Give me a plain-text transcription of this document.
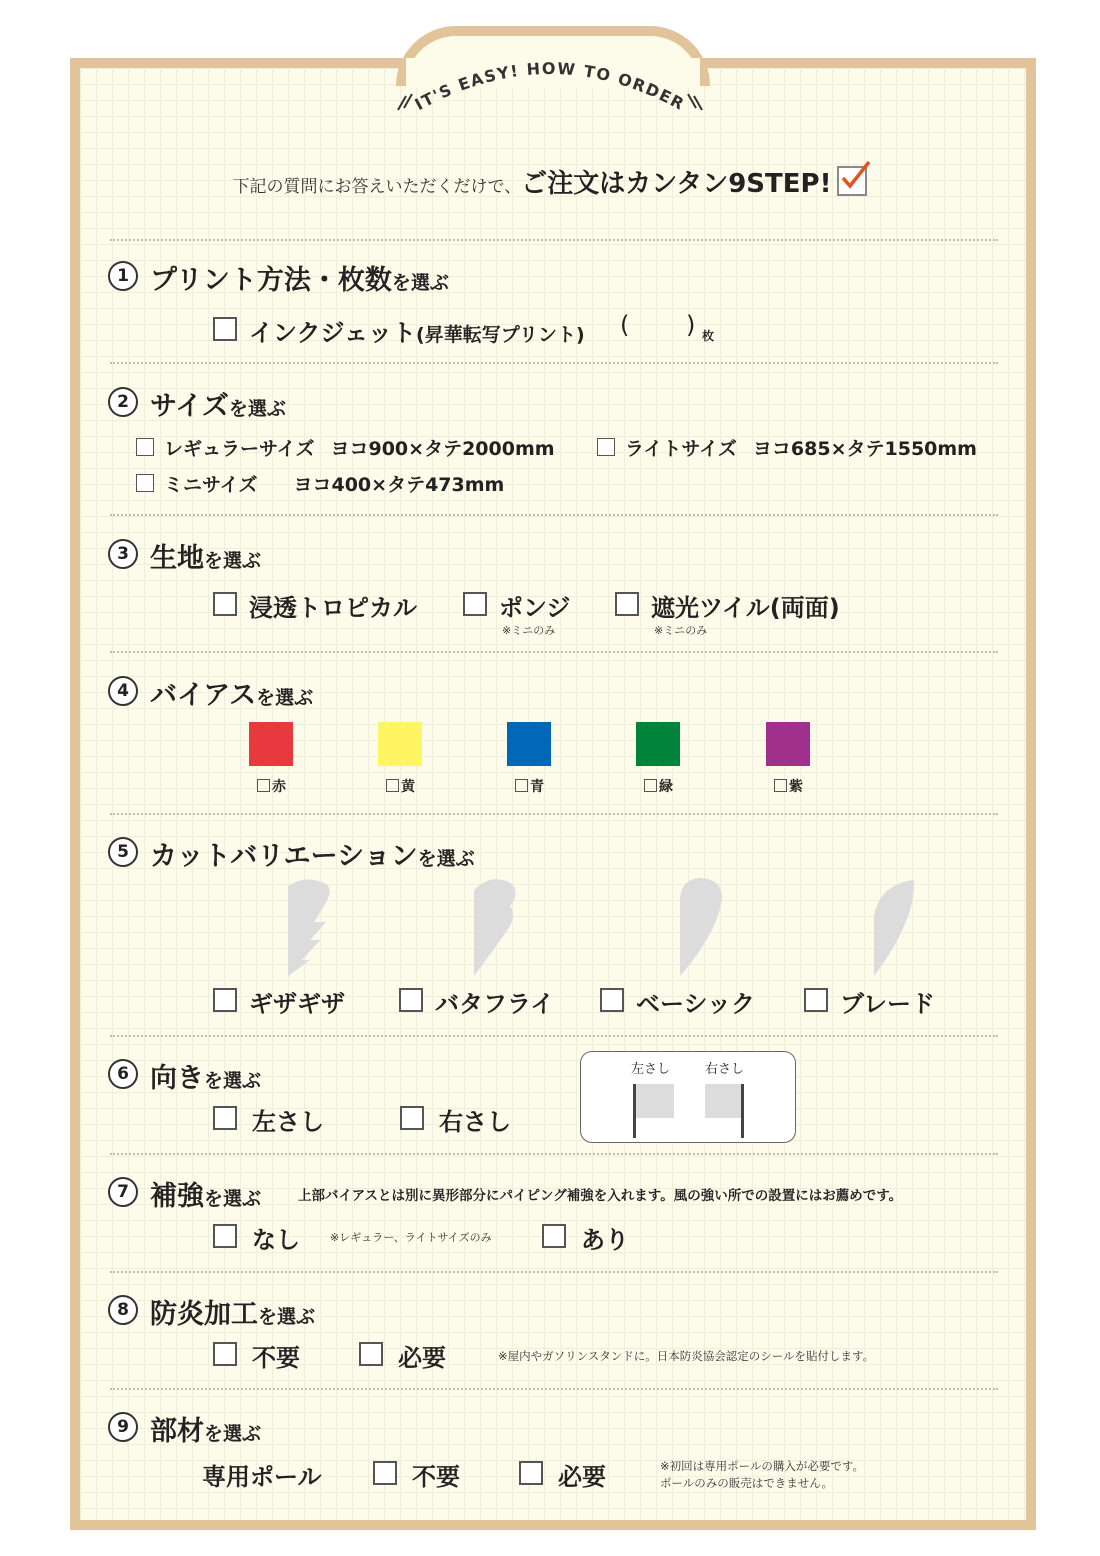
IT'S EASY! HOW TO ORDER
下記の質問にお答えいただくだけで、ご注文はカンタン9STEP!
1 プリント方法・枚数を選ぶ
インクジェット(昇華転写プリント) ( ) 枚
2 サイズを選ぶ
レギュラーサイズ ヨコ900×タテ2000mm	ライトサイズ ヨコ685×タテ1550mm
ミニサイズ ヨコ400×タテ473mm
3 生地を選ぶ
浸透トロピカル	ポンジ
※ミニのみ
遮光ツイル(両面)
※ミニのみ
4 バイアスを選ぶ
赤	黄	青	緑	紫
5 カットバリエーションを選ぶ
ギザギザ	バタフライ	ベーシック	ブレード
6 向きを選ぶ
左さし	右さし
左さし	右さし
7 補強を選ぶ	上部バイアスとは別に異形部分にパイピング補強を入れます。風の強い所での設置にはお薦めです。
なし	※レギュラー、ライトサイズのみ	あり
8 防炎加工を選ぶ
不要	必要	※屋内やガソリンスタンドに。日本防炎協会認定のシールを貼付します。
9 部材を選ぶ
専用ポール	不要	必要	※初回は専用ポールの購入が必要です。
ポールのみの販売はできません。
